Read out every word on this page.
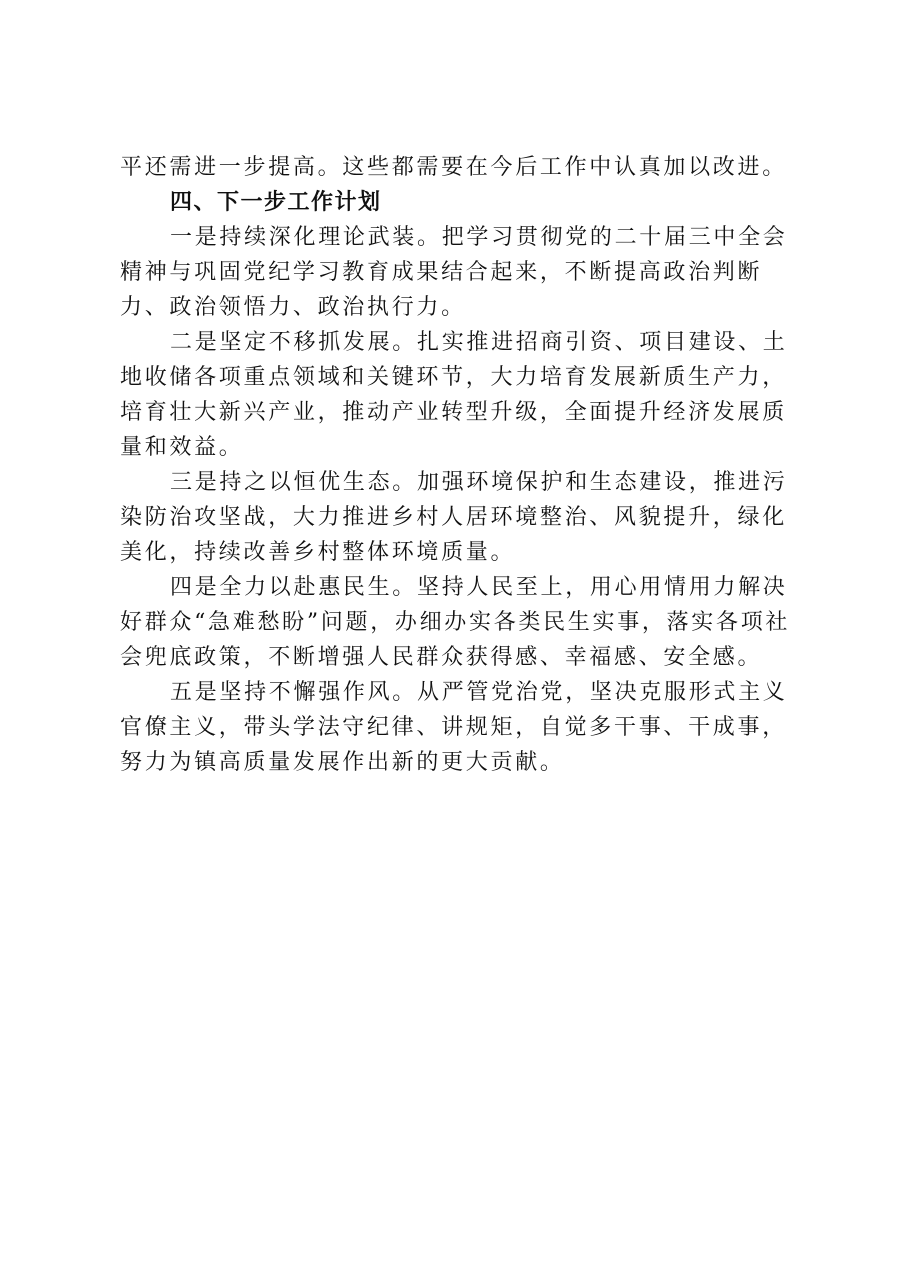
平还需进一步提高。这些都需要在今后工作中认真加以改进。

四、下一步工作计划

一是持续深化理论武装。把学习贯彻党的二十届三中全会精神与巩固党纪学习教育成果结合起来，不断提高政治判断力、政治领悟力、政治执行力。

二是坚定不移抓发展。扎实推进招商引资、项目建设、土地收储各项重点领域和关键环节，大力培育发展新质生产力，培育壮大新兴产业，推动产业转型升级，全面提升经济发展质量和效益。

三是持之以恒优生态。加强环境保护和生态建设，推进污染防治攻坚战，大力推进乡村人居环境整治、风貌提升，绿化美化，持续改善乡村整体环境质量。

四是全力以赴惠民生。坚持人民至上，用心用情用力解决好群众“急难愁盼”问题，办细办实各类民生实事，落实各项社会兜底政策，不断增强人民群众获得感、幸福感、安全感。

五是坚持不懈强作风。从严管党治党，坚决克服形式主义官僚主义，带头学法守纪律、讲规矩，自觉多干事、干成事，努力为镇高质量发展作出新的更大贡献。
